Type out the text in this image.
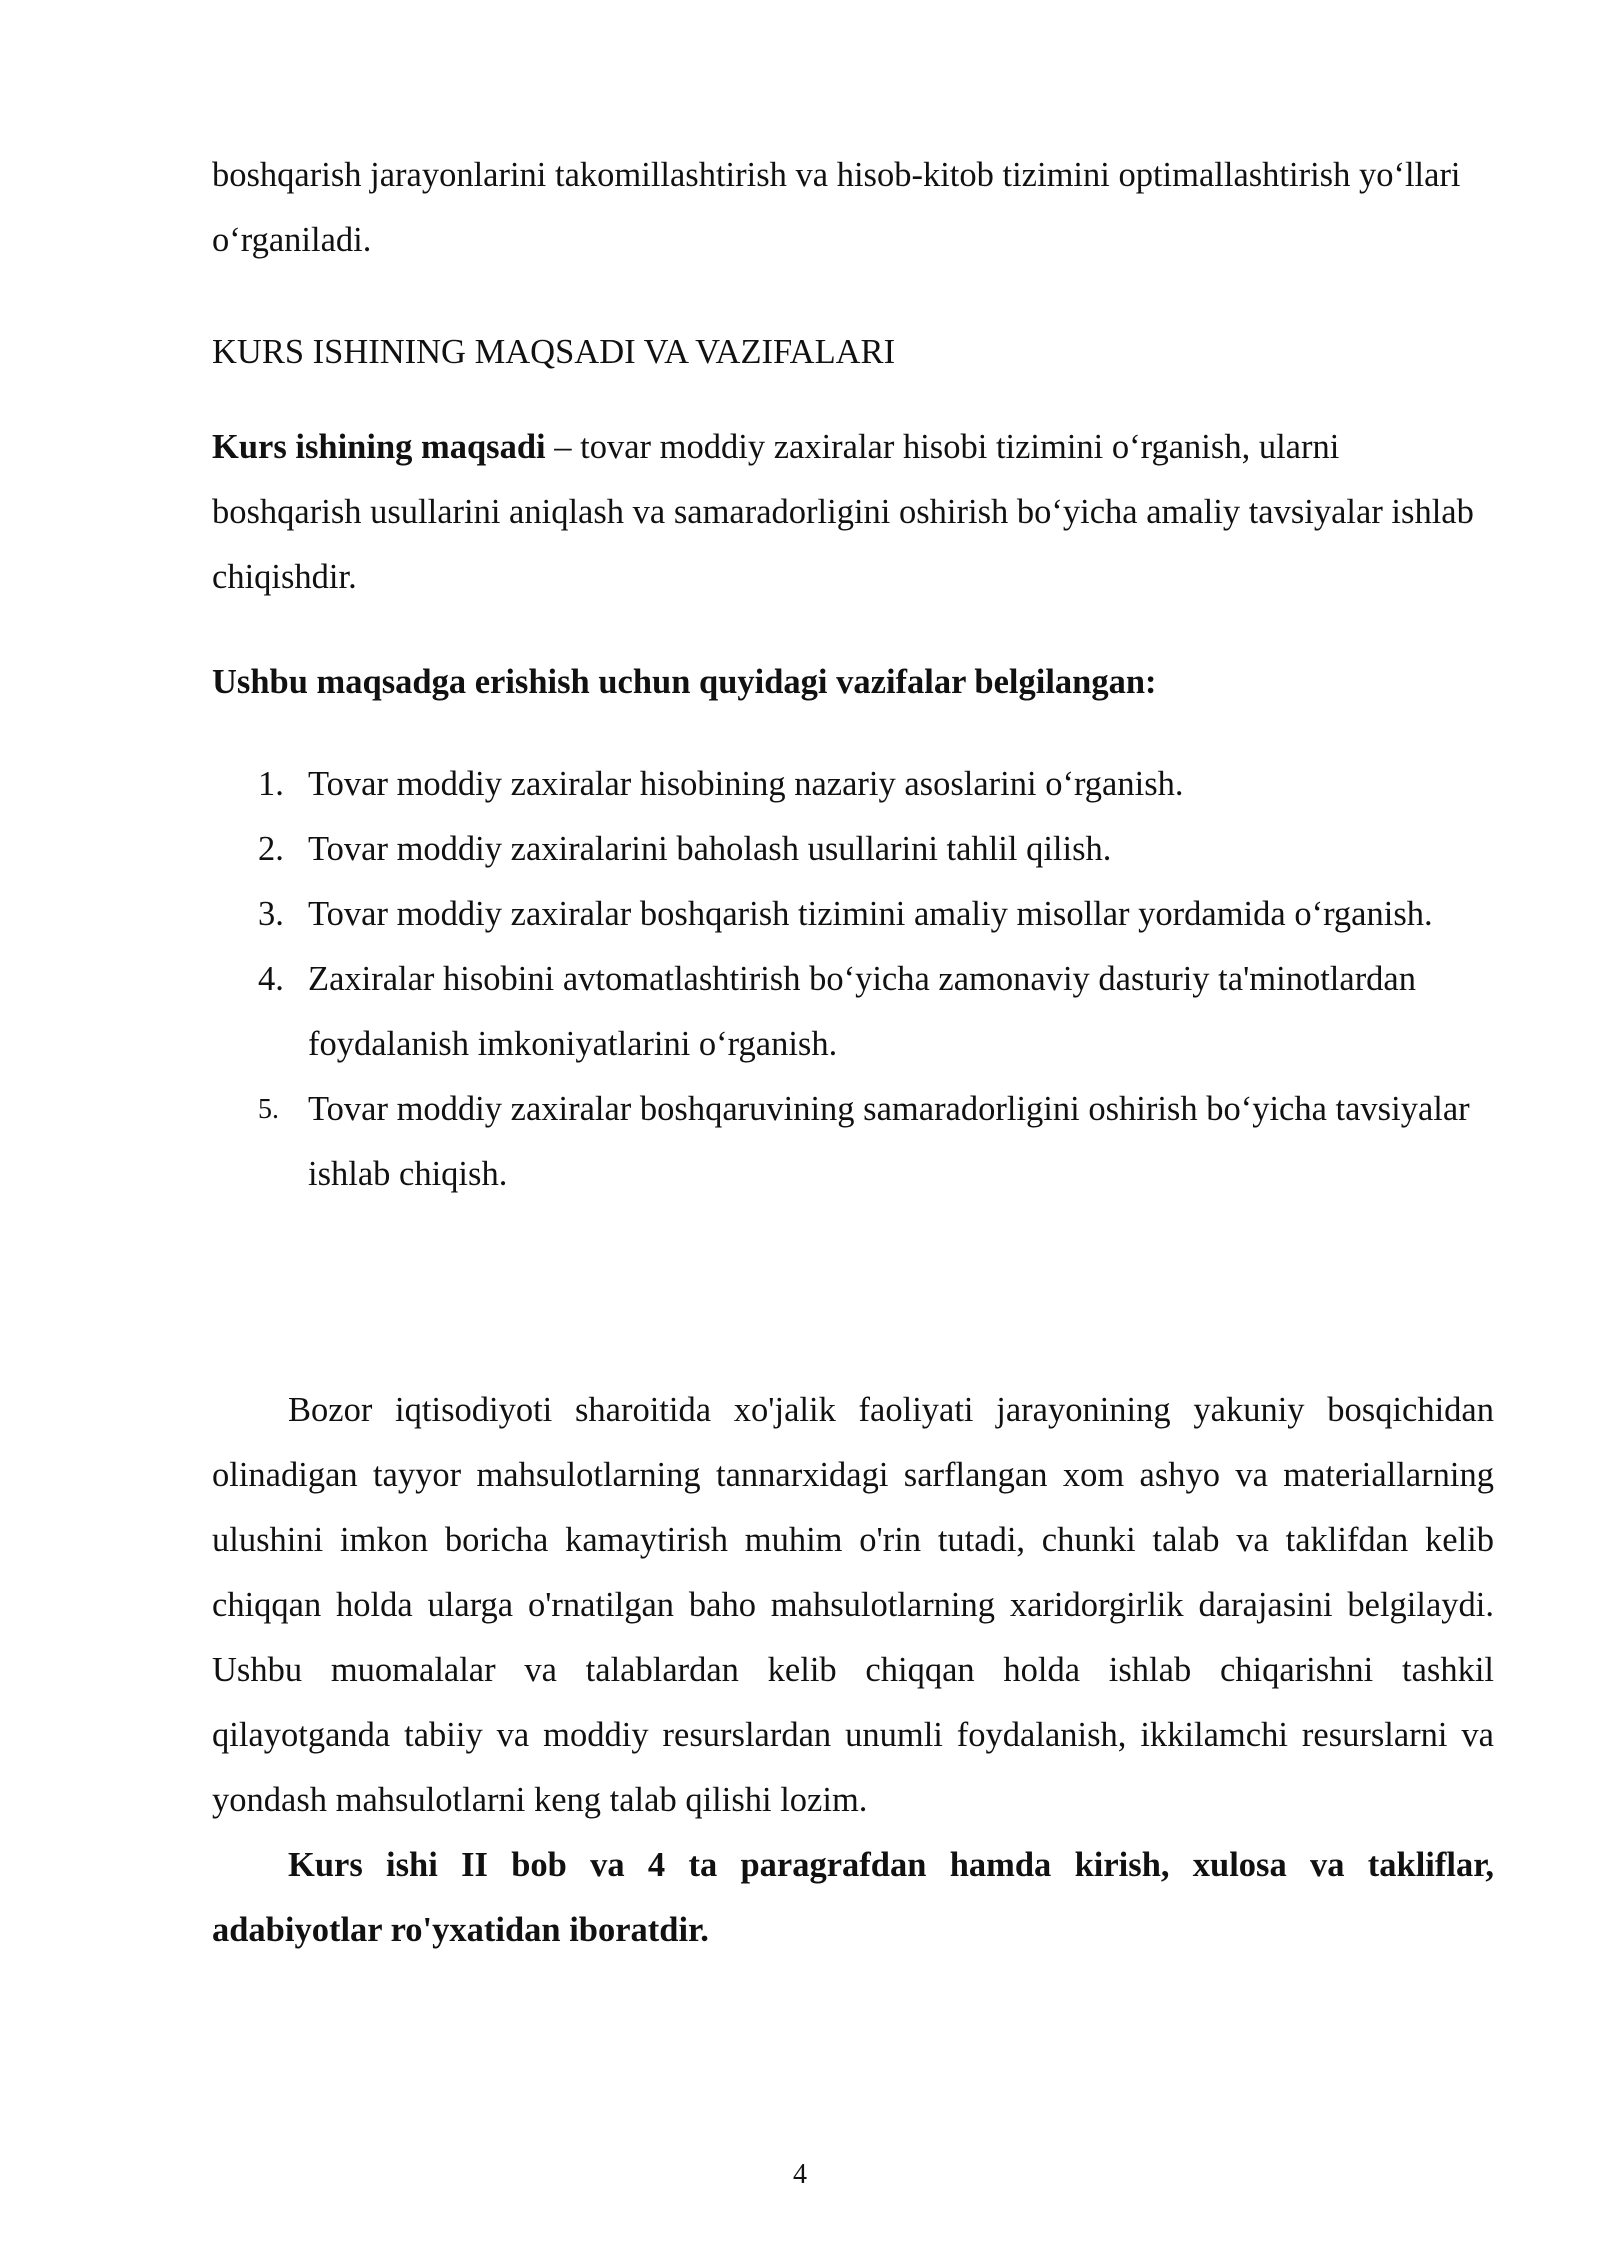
boshqarish jarayonlarini takomillashtirish va hisob-kitob tizimini optimallashtirish yo‘llari o‘rganiladi.

KURS ISHINING MAQSADI VA VAZIFALARI

Kurs ishining maqsadi – tovar moddiy zaxiralar hisobi tizimini o‘rganish, ularni boshqarish usullarini aniqlash va samaradorligini oshirish bo‘yicha amaliy tavsiyalar ishlab chiqishdir.

Ushbu maqsadga erishish uchun quyidagi vazifalar belgilangan:

1. Tovar moddiy zaxiralar hisobining nazariy asoslarini o‘rganish.
2. Tovar moddiy zaxiralarini baholash usullarini tahlil qilish.
3. Tovar moddiy zaxiralar boshqarish tizimini amaliy misollar yordamida o‘rganish.
4. Zaxiralar hisobini avtomatlashtirish bo‘yicha zamonaviy dasturiy ta'minotlardan foydalanish imkoniyatlarini o‘rganish.
5. Tovar moddiy zaxiralar boshqaruvining samaradorligini oshirish bo‘yicha tavsiyalar ishlab chiqish.

Bozor iqtisodiyoti sharoitida xo'jalik faoliyati jarayonining yakuniy bosqichidan olinadigan tayyor mahsulotlarning tannarxidagi sarflangan xom ashyo va materiallarning ulushini imkon boricha kamaytirish muhim o'rin tutadi, chunki talab va taklifdan kelib chiqqan holda ularga o'rnatilgan baho mahsulotlarning xaridorgirlik darajasini belgilaydi. Ushbu muomalalar va talablardan kelib chiqqan holda ishlab chiqarishni tashkil qilayotganda tabiiy va moddiy resurslardan unumli foydalanish, ikkilamchi resurslarni va yondash mahsulotlarni keng talab qilishi lozim.

Kurs ishi II bob va 4 ta paragrafdan hamda kirish, xulosa va takliflar, adabiyotlar ro'yxatidan iboratdir.

4
